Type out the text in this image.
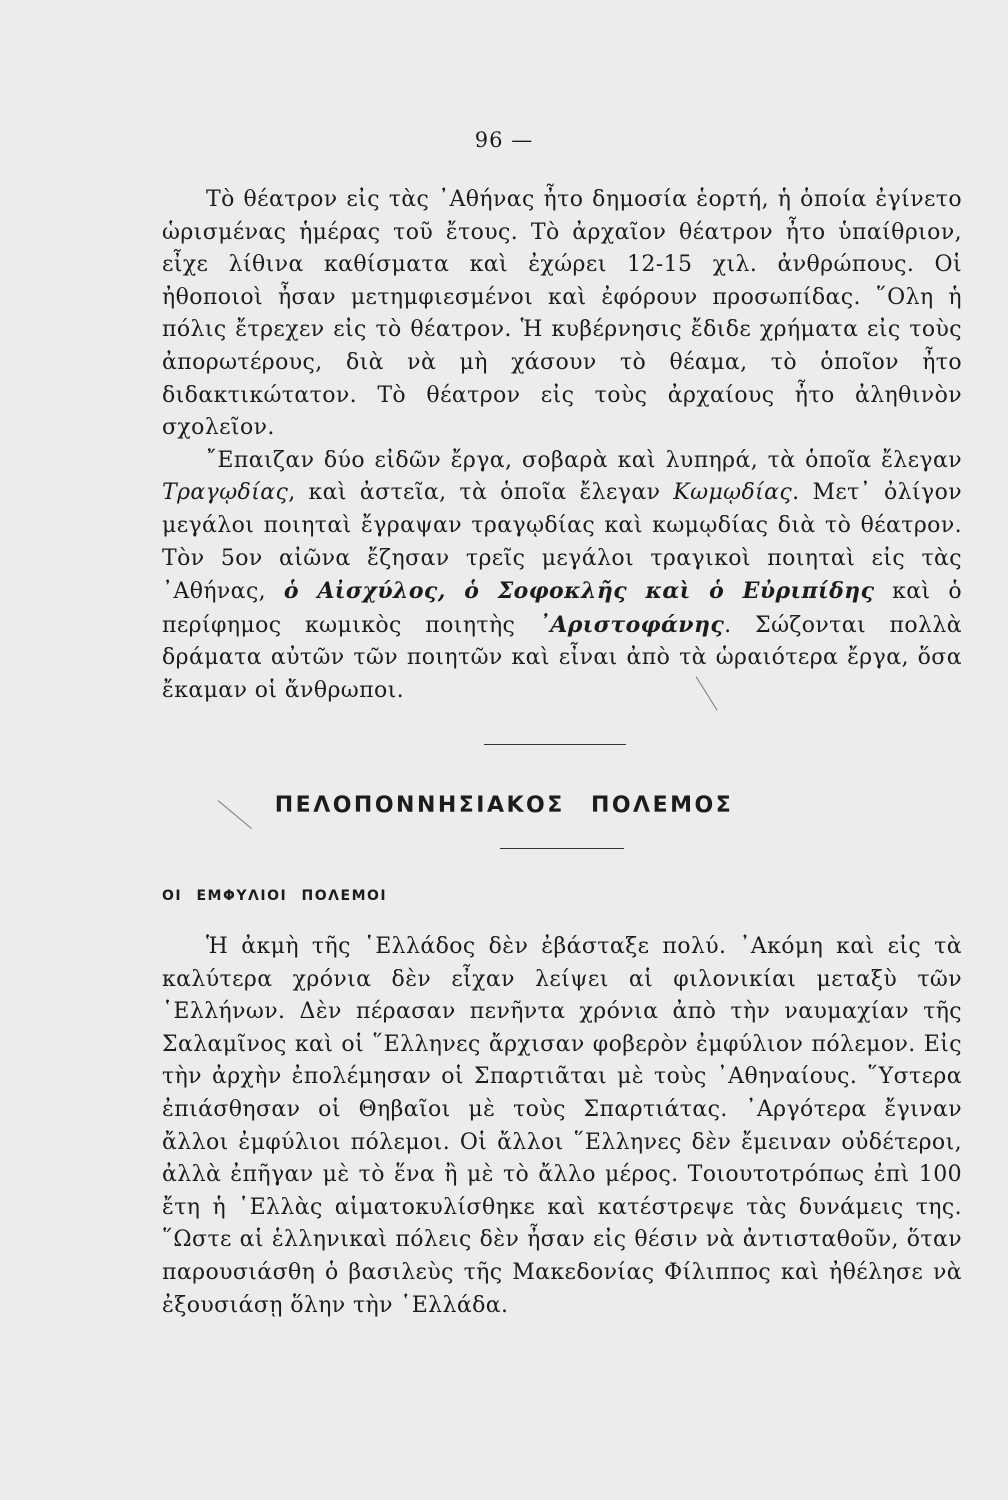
96 —

Τὸ θέατρον εἰς τὰς ᾿Αθήνας ἦτο δημοσία ἑορτή, ἡ ὁποία ἐγίνετο ὡρισμένας ἡμέρας τοῦ ἔτους. Τὸ ἀρχαῖον θέατρον ἦτο ὑπαίθριον, εἶχε λίθινα καθίσματα καὶ ἐχώρει 12-15 χιλ. ἀνθρώπους. Οἱ ἠθοποιοὶ ἦσαν μετημφιεσμένοι καὶ ἐφόρουν προσωπίδας. ῞Ολη ἡ πόλις ἔτρεχεν εἰς τὸ θέατρον. Ἡ κυβέρνησις ἔδιδε χρήματα εἰς τοὺς ἀπορωτέρους, διὰ νὰ μὴ χάσουν τὸ θέαμα, τὸ ὁποῖον ἦτο διδακτικώτατον. Τὸ θέατρον εἰς τοὺς ἀρχαίους ἦτο ἀληθινὸν σχολεῖον.

῎Επαιζαν δύο εἰδῶν ἔργα, σοβαρὰ καὶ λυπηρά, τὰ ὁποῖα ἔλεγαν Τραγῳδίας, καὶ ἀστεῖα, τὰ ὁποῖα ἔλεγαν Κωμῳδίας. Μετ᾿ ὀλίγον μεγάλοι ποιηταὶ ἔγραψαν τραγῳδίας καὶ κωμῳδίας διὰ τὸ θέατρον. Τὸν 5ον αἰῶνα ἔζησαν τρεῖς μεγάλοι τραγικοὶ ποιηταὶ εἰς τὰς ᾿Αθήνας, ὁ Αἰσχύλος, ὁ Σοφοκλῆς καὶ ὁ Εὐριπίδης καὶ ὁ περίφημος κωμικὸς ποιητὴς ᾿Αριστοφάνης. Σώζονται πολλὰ δράματα αὐτῶν τῶν ποιητῶν καὶ εἶναι ἀπὸ τὰ ὡραιότερα ἔργα, ὅσα ἔκαμαν οἱ ἄνθρωποι.

ΠΕΛΟΠΟΝΝΗΣΙΑΚΟΣ ΠΟΛΕΜΟΣ
ΟΙ ΕΜΦΥΛΙΟΙ ΠΟΛΕΜΟΙ

Ἡ ἀκμὴ τῆς ῾Ελλάδος δὲν ἐβάσταξε πολύ. ᾿Ακόμη καὶ εἰς τὰ καλύτερα χρόνια δὲν εἶχαν λείψει αἱ φιλονικίαι μεταξὺ τῶν ῾Ελλήνων. Δὲν πέρασαν πενῆντα χρόνια ἀπὸ τὴν ναυμαχίαν τῆς Σαλαμῖνος καὶ οἱ ῞Ελληνες ἄρχισαν φοβερὸν ἐμφύλιον πόλεμον. Εἰς τὴν ἀρχὴν ἐπολέμησαν οἱ Σπαρτιᾶται μὲ τοὺς ᾿Αθηναίους. ῞Υστερα ἐπιάσθησαν οἱ Θηβαῖοι μὲ τοὺς Σπαρτιάτας. ᾿Αργότερα ἔγιναν ἄλλοι ἐμφύλιοι πόλεμοι. Οἱ ἄλλοι ῞Ελληνες δὲν ἔμειναν οὐδέτεροι, ἀλλὰ ἐπῆγαν μὲ τὸ ἕνα ἢ μὲ τὸ ἄλλο μέρος. Τοιουτοτρόπως ἐπὶ 100 ἔτη ἡ ῾Ελλὰς αἱματοκυλίσθηκε καὶ κατέστρεψε τὰς δυνάμεις της. ῞Ωστε αἱ ἑλληνικαὶ πόλεις δὲν ἦσαν εἰς θέσιν νὰ ἀντισταθοῦν, ὅταν παρουσιάσθη ὁ βασιλεὺς τῆς Μακεδονίας Φίλιππος καὶ ἠθέλησε νὰ ἐξουσιάσῃ ὅλην τὴν ῾Ελλάδα.
